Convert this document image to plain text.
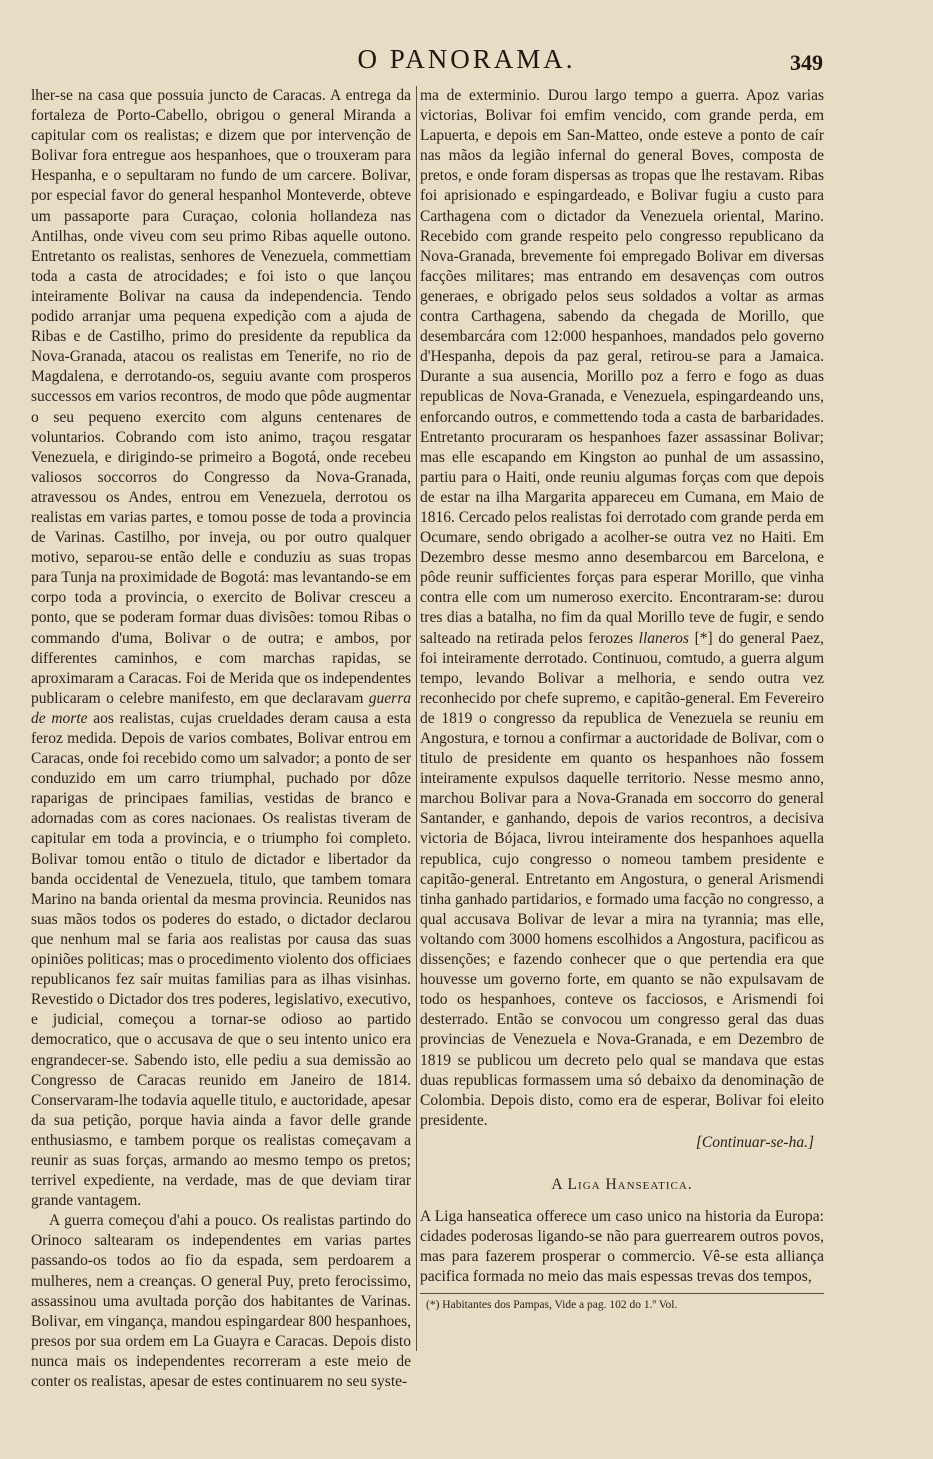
O PANORAMA.	349

lher-se na casa que possuia juncto de Caracas. A entrega da fortaleza de Porto-Cabello, obrigou o general Miranda a capitular com os realistas; e dizem que por intervenção de Bolivar fora entregue aos hespanhoes, que o trouxeram para Hespanha, e o sepultaram no fundo de um carcere. Bolivar, por especial favor do general hespanhol Monteverde, obteve um passaporte para Curaçao, colonia hollandeza nas Antilhas, onde viveu com seu primo Ribas aquelle outono. Entretanto os realistas, senhores de Venezuela, commettiam toda a casta de atrocidades; e foi isto o que lançou inteiramente Bolivar na causa da independencia. Tendo podido arranjar uma pequena expedição com a ajuda de Ribas e de Castilho, primo do presidente da republica da Nova-Granada, atacou os realistas em Tenerife, no rio de Magdalena, e derrotando-os, seguiu avante com prosperos successos em varios recontros, de modo que pôde augmentar o seu pequeno exercito com alguns centenares de voluntarios. Cobrando com isto animo, traçou resgatar Venezuela, e dirigindo-se primeiro a Bogotá, onde recebeu valiosos soccorros do Congresso da Nova-Granada, atravessou os Andes, entrou em Venezuela, derrotou os realistas em varias partes, e tomou posse de toda a provincia de Varinas. Castilho, por inveja, ou por outro qualquer motivo, separou-se então delle e conduziu as suas tropas para Tunja na proximidade de Bogotá: mas levantando-se em corpo toda a provincia, o exercito de Bolivar cresceu a ponto, que se poderam formar duas divisões: tomou Ribas o commando d'uma, Bolivar o de outra; e ambos, por differentes caminhos, e com marchas rapidas, se aproximaram a Caracas. Foi de Merida que os independentes publicaram o celebre manifesto, em que declaravam guerra de morte aos realistas, cujas crueldades deram causa a esta feroz medida. Depois de varios combates, Bolivar entrou em Caracas, onde foi recebido como um salvador; a ponto de ser conduzido em um carro triumphal, puchado por dôze raparigas de principaes familias, vestidas de branco e adornadas com as cores nacionaes. Os realistas tiveram de capitular em toda a provincia, e o triumpho foi completo. Bolivar tomou então o titulo de dictador e libertador da banda occidental de Venezuela, titulo, que tambem tomara Marino na banda oriental da mesma provincia. Reunidos nas suas mãos todos os poderes do estado, o dictador declarou que nenhum mal se faria aos realistas por causa das suas opiniões politicas; mas o procedimento violento dos officiaes republicanos fez saír muitas familias para as ilhas visinhas. Revestido o Dictador dos tres poderes, legislativo, executivo, e judicial, começou a tornar-se odioso ao partido democratico, que o accusava de que o seu intento unico era engrandecer-se. Sabendo isto, elle pediu a sua demissão ao Congresso de Caracas reunido em Janeiro de 1814. Conservaram-lhe todavia aquelle titulo, e auctoridade, apesar da sua petição, porque havia ainda a favor delle grande enthusiasmo, e tambem porque os realistas começavam a reunir as suas forças, armando ao mesmo tempo os pretos; terrivel expediente, na verdade, mas de que deviam tirar grande vantagem.

A guerra começou d'ahi a pouco. Os realistas partindo do Orinoco saltearam os independentes em varias partes passando-os todos ao fio da espada, sem perdoarem a mulheres, nem a creanças. O general Puy, preto ferocissimo, assassinou uma avultada porção dos habitantes de Varinas. Bolivar, em vingança, mandou espingardear 800 hespanhoes, presos por sua ordem em La Guayra e Caracas. Depois disto nunca mais os independentes recorreram a este meio de conter os realistas, apesar de estes continuarem no seu syste-

ma de exterminio. Durou largo tempo a guerra. Apoz varias victorias, Bolivar foi emfim vencido, com grande perda, em Lapuerta, e depois em San-Matteo, onde esteve a ponto de caír nas mãos da legião infernal do general Boves, composta de pretos, e onde foram dispersas as tropas que lhe restavam. Ribas foi aprisionado e espingardeado, e Bolivar fugiu a custo para Carthagena com o dictador da Venezuela oriental, Marino. Recebido com grande respeito pelo congresso republicano da Nova-Granada, brevemente foi empregado Bolivar em diversas facções militares; mas entrando em desavenças com outros generaes, e obrigado pelos seus soldados a voltar as armas contra Carthagena, sabendo da chegada de Morillo, que desembarcára com 12:000 hespanhoes, mandados pelo governo d'Hespanha, depois da paz geral, retirou-se para a Jamaica. Durante a sua ausencia, Morillo poz a ferro e fogo as duas republicas de Nova-Granada, e Venezuela, espingardeando uns, enforcando outros, e commettendo toda a casta de barbaridades. Entretanto procuraram os hespanhoes fazer assassinar Bolivar; mas elle escapando em Kingston ao punhal de um assassino, partiu para o Haiti, onde reuniu algumas forças com que depois de estar na ilha Margarita appareceu em Cumana, em Maio de 1816. Cercado pelos realistas foi derrotado com grande perda em Ocumare, sendo obrigado a acolher-se outra vez no Haiti. Em Dezembro desse mesmo anno desembarcou em Barcelona, e pôde reunir sufficientes forças para esperar Morillo, que vinha contra elle com um numeroso exercito. Encontraram-se: durou tres dias a batalha, no fim da qual Morillo teve de fugir, e sendo salteado na retirada pelos ferozes llaneros [*] do general Paez, foi inteiramente derrotado. Continuou, comtudo, a guerra algum tempo, levando Bolivar a melhoria, e sendo outra vez reconhecido por chefe supremo, e capitão-general. Em Fevereiro de 1819 o congresso da republica de Venezuela se reuniu em Angostura, e tornou a confirmar a auctoridade de Bolivar, com o titulo de presidente em quanto os hespanhoes não fossem inteiramente expulsos daquelle territorio. Nesse mesmo anno, marchou Bolivar para a Nova-Granada em soccorro do general Santander, e ganhando, depois de varios recontros, a decisiva victoria de Bójaca, livrou inteiramente dos hespanhoes aquella republica, cujo congresso o nomeou tambem presidente e capitão-general. Entretanto em Angostura, o general Arismendi tinha ganhado partidarios, e formado uma facção no congresso, a qual accusava Bolivar de levar a mira na tyrannia; mas elle, voltando com 3000 homens escolhidos a Angostura, pacificou as dissenções; e fazendo conhecer que o que pertendia era que houvesse um governo forte, em quanto se não expulsavam de todo os hespanhoes, conteve os facciosos, e Arismendi foi desterrado. Então se convocou um congresso geral das duas provincias de Venezuela e Nova-Granada, e em Dezembro de 1819 se publicou um decreto pelo qual se mandava que estas duas republicas formassem uma só debaixo da denominação de Colombia. Depois disto, como era de esperar, Bolivar foi eleito presidente.

[Continuar-se-ha.]

A Liga Hanseatica.

A Liga hanseatica offerece um caso unico na historia da Europa: cidades poderosas ligando-se não para guerrearem outros povos, mas para fazerem prosperar o commercio. Vê-se esta alliança pacifica formada no meio das mais espessas trevas dos tempos,

(*) Habitantes dos Pampas, Vide a pag. 102 do 1.º Vol.
